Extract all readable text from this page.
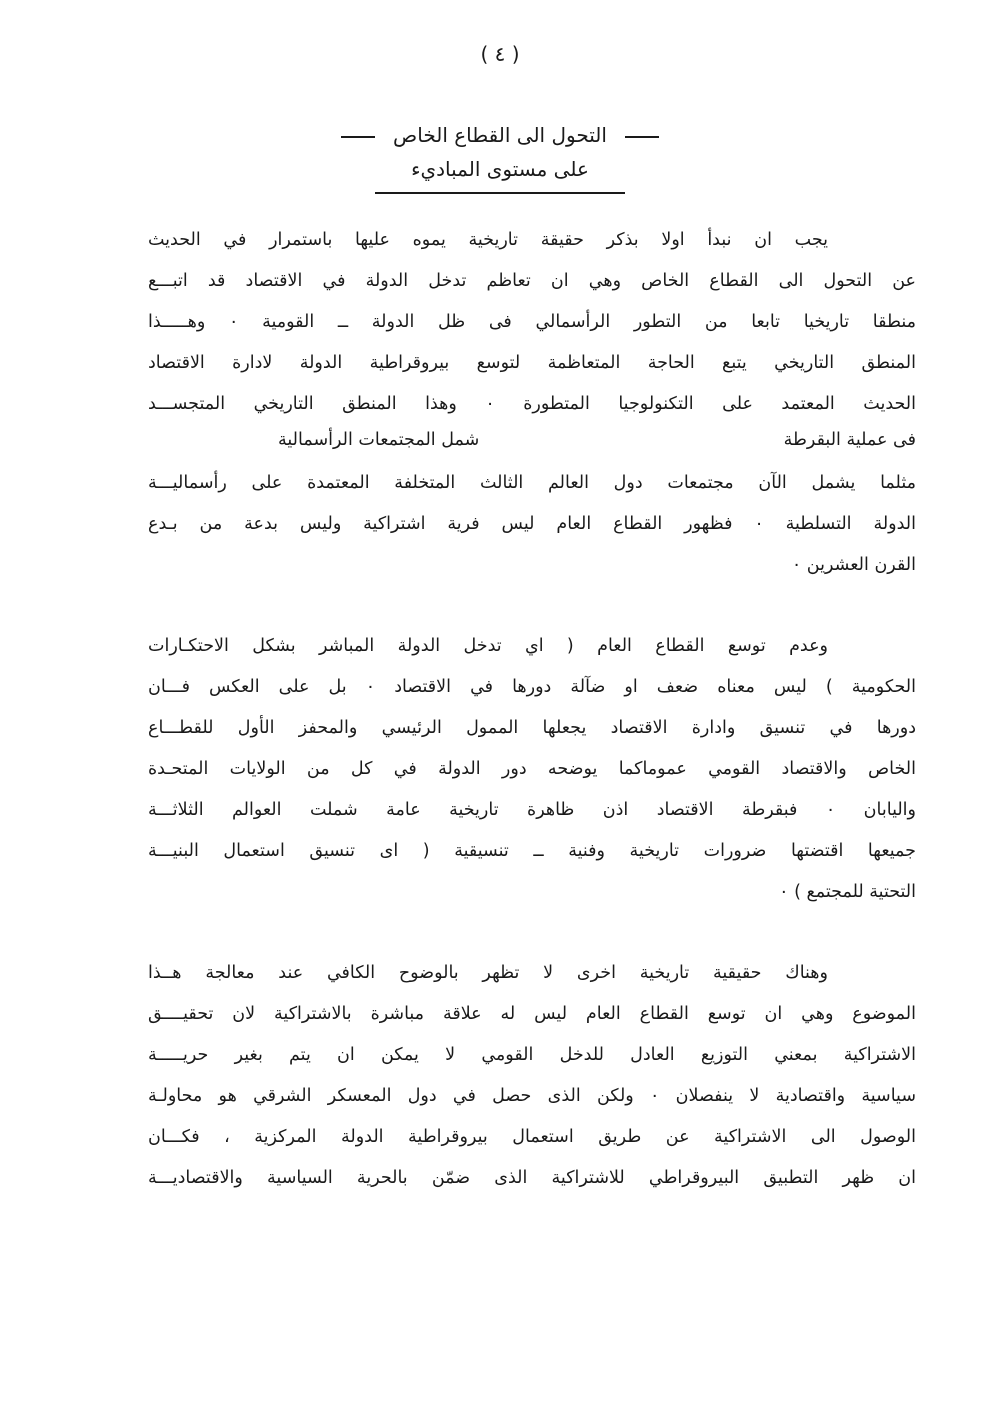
( ٤ )
التحول الى القطاع الخاص
على مستوى المباديء
يجب ان نبدأ اولا بذكر حقيقة تاريخية يموه عليها باستمرار في الحديث
عن التحول الى القطاع الخاص وهي ان تعاظم تدخل الدولة في الاقتصاد قد اتبـــع
منطقا تاريخيا تابعا من التطور الرأسمالي فى ظل الدولة ــ القومية ٠ وهـــــذا
المنطق التاريخي يتبع الحاجة المتعاظمة لتوسع بيروقراطية الدولة لادارة الاقتصاد
الحديث المعتمد على التكنولوجيا المتطورة ٠ وهذا المنطق التاريخي المتجســـد
فى عملية البقرطة
شمل المجتمعات الرأسمالية
مثلما يشمل الآن مجتمعات دول العالم الثالث المتخلفة المعتمدة على رأسماليـــة
الدولة التسلطية ٠ فظهور القطاع العام ليس فرية اشتراكية وليس بدعة من بـدع
القرن العشرين ٠
وعدم توسع القطاع العام ( اي تدخل الدولة المباشر بشكل الاحتكـارات
الحكومية ) ليس معناه ضعف او ضآلة دورها في الاقتصاد ٠ بل على العكس فـــان
دورها في تنسيق وادارة الاقتصاد يجعلها الممول الرئيسي والمحفز الأول للقطـــاع
الخاص والاقتصاد القومي عموماكما يوضحه دور الدولة في كل من الولايات المتحـدة
واليابان ٠ فبقرطة الاقتصاد اذن ظاهرة تاريخية عامة شملت العوالم الثلاثـــة
جميعها اقتضتها ضرورات تاريخية وفنية ــ تنسيقية ( اى تنسيق استعمال البنيـــة
التحتية للمجتمع ) ٠
وهناك حقيقية تاريخية اخرى لا تظهر بالوضوح الكافي عند معالجة هــذا
الموضوع وهي ان توسع القطاع العام ليس له علاقة مباشرة بالاشتراكية لان تحقيــــق
الاشتراكية بمعني التوزيع العادل للدخل القومي لا يمكن ان يتم بغير حريـــــة
سياسية واقتصادية لا ينفصلان ٠ ولكن الذى حصل في دول المعسكر الشرقي هو محاولـة
الوصول الى الاشتراكية عن طريق استعمال بيروقراطية الدولة المركزية ، فكـــان
ان ظهر التطبيق البيروقراطي للاشتراكية الذى ضمّن بالحرية السياسية والاقتصاديـــة
